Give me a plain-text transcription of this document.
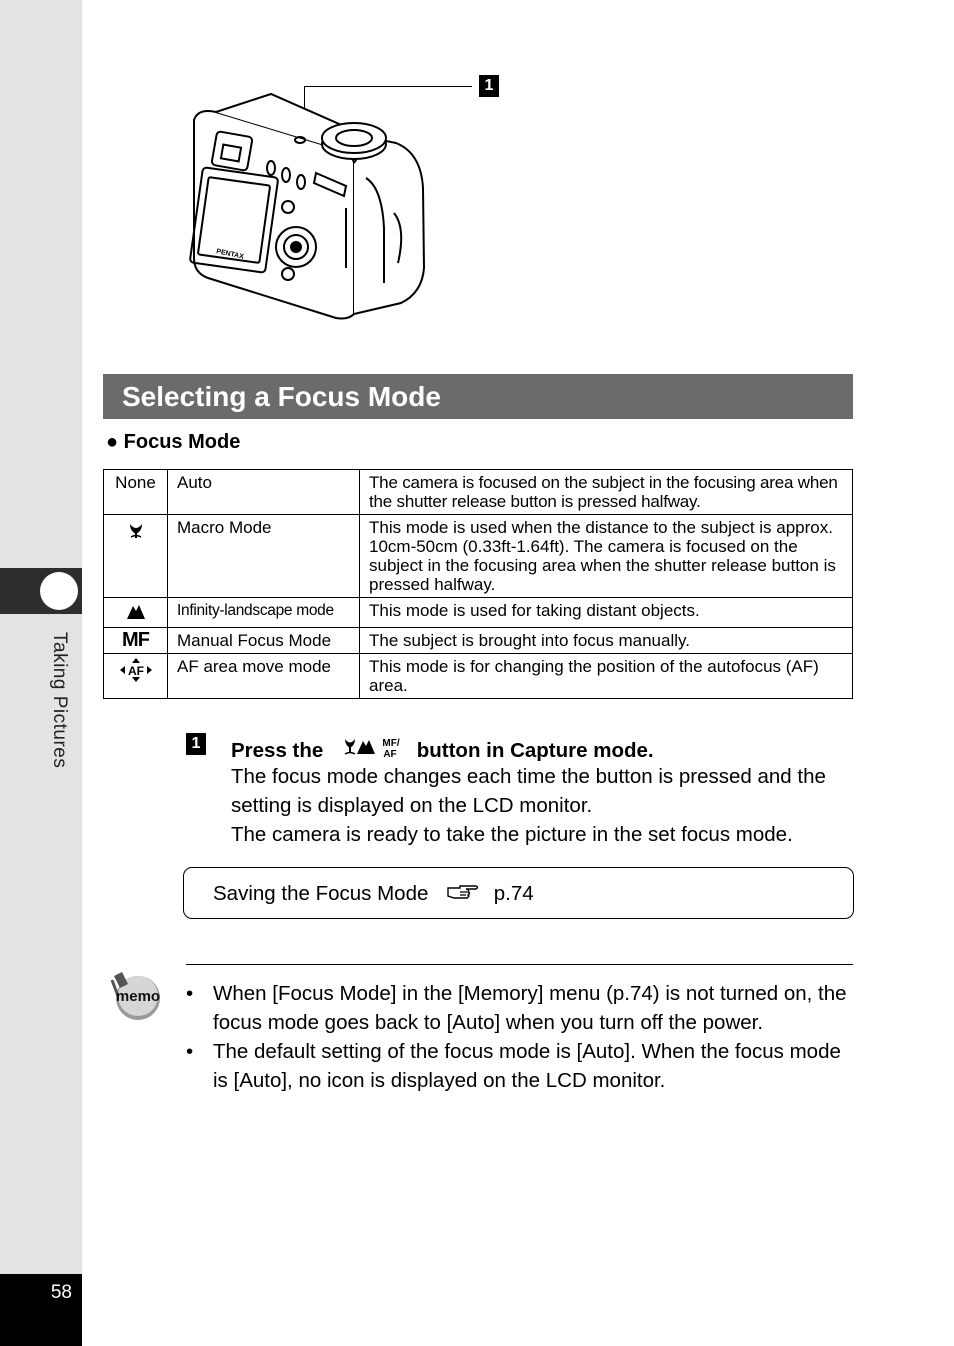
Taking Pictures
58
1
PENTAX
Selecting a Focus Mode
● Focus Mode
None	Auto	The camera is focused on the subject in the focusing area when the shutter release button is pressed halfway.
	Macro Mode	This mode is used when the distance to the subject is approx. 10cm-50cm (0.33ft-1.64ft). The camera is focused on the subject in the focusing area when the shutter release button is pressed halfway.
	Infinity-landscape mode	This mode is used for taking distant objects.
MF	Manual Focus Mode	The subject is brought into focus manually.

AF	AF area move mode	This mode is for changing the position of the autofocus (AF) area.
1 Press the	MF/
AF button in Capture mode.
The focus mode changes each time the button is pressed and the setting is displayed on the LCD monitor.
The camera is ready to take the picture in the set focus mode.
Saving the Focus Mode	p.74
memo • When [Focus Mode] in the [Memory] menu (p.74) is not turned on, the focus mode goes back to [Auto] when you turn off the power.
• The default setting of the focus mode is [Auto]. When the focus mode is [Auto], no icon is displayed on the LCD monitor.
